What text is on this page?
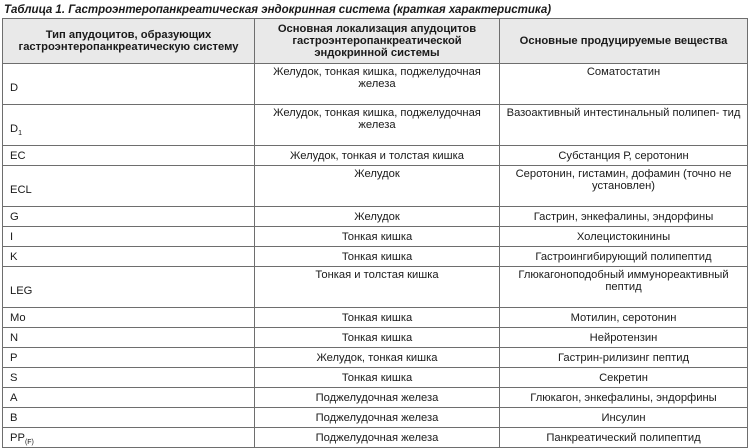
Таблица 1. Гастроэнтеропанкреатическая эндокринная система (краткая характеристика)
Тип апудоцитов, образующих гастроэнтеропанкреатическую систему	Основная локализация апудоцитов гастроэнтеропанкреатической эндокринной системы	Основные продуцируемые вещества
D	Желудок, тонкая кишка, поджелудочная железа	Соматостатин
$D_1$	Желудок, тонкая кишка, поджелудочная железа	Вазоактивный интестинальный полипеп- тид
EC	Желудок, тонкая и толстая кишка	Субстанция Р, серотонин
ECL	Желудок	Серотонин, гистамин, дофамин (точно не установлен)
G	Желудок	Гастрин, энкефалины, эндорфины
I	Тонкая кишка	Холецистокинины
K	Тонкая кишка	Гастроингибирующий полипептид
LEG	Тонкая и толстая кишка	Глюкагоноподобный иммунореактивный пептид
Mo	Тонкая кишка	Мотилин, серотонин
N	Тонкая кишка	Нейротензин
P	Желудок, тонкая кишка	Гастрин-рилизинг пептид
S	Тонкая кишка	Секретин
A	Поджелудочная железа	Глюкагон, энкефалины, эндорфины
B	Поджелудочная железа	Инсулин
$PP_{(F)}$	Поджелудочная железа	Панкреатический полипептид
